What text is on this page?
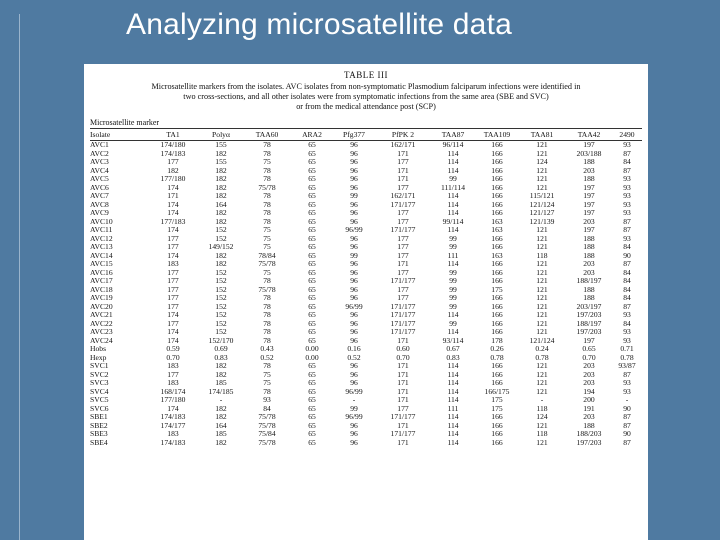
Analyzing microsatellite data
TABLE III

Microsatellite markers from the isolates. AVC isolates from non-symptomatic Plasmodium falciparum infections were identified in

two cross-sections, and all other isolates were from symptomatic infections from the same area (SBE and SVC)

or from the medical attendance post (SCP)

Microsatellite marker
Isolate	TA1	Polyα	TAA60	ARA2	Pfg377	PfPK 2	TAA87	TAA109	TAA81	TAA42	2490
AVC1	174/180	155	78	65	96	162/171	96/114	166	121	197	93
AVC2	174/183	182	78	65	96	171	114	166	121	203/188	87
AVC3	177	155	75	65	96	177	114	166	124	188	84
AVC4	182	182	78	65	96	171	114	166	121	203	87
AVC5	177/180	182	78	65	96	171	99	166	121	188	93
AVC6	174	182	75/78	65	96	177	111/114	166	121	197	93
AVC7	171	182	78	65	99	162/171	114	166	115/121	197	93
AVC8	174	164	78	65	96	171/177	114	166	121/124	197	93
AVC9	174	182	78	65	96	177	114	166	121/127	197	93
AVC10	177/183	182	78	65	96	177	99/114	163	121/139	203	87
AVC11	174	152	75	65	96/99	171/177	114	163	121	197	87
AVC12	177	152	75	65	96	177	99	166	121	188	93
AVC13	177	149/152	75	65	96	177	99	166	121	188	84
AVC14	174	182	78/84	65	99	177	111	163	118	188	90
AVC15	183	182	75/78	65	96	171	114	166	121	203	87
AVC16	177	152	75	65	96	177	99	166	121	203	84
AVC17	177	152	78	65	96	171/177	99	166	121	188/197	84
AVC18	177	152	75/78	65	96	177	99	175	121	188	84
AVC19	177	152	78	65	96	177	99	166	121	188	84
AVC20	177	152	78	65	96/99	171/177	99	166	121	203/197	87
AVC21	174	152	78	65	96	171/177	114	166	121	197/203	93
AVC22	177	152	78	65	96	171/177	99	166	121	188/197	84
AVC23	174	152	78	65	96	171/177	114	166	121	197/203	93
AVC24	174	152/170	78	65	96	171	93/114	178	121/124	197	93
Hobs	0.59	0.69	0.43	0.00	0.16	0.60	0.67	0.26	0.24	0.65	0.71
Hexp	0.70	0.83	0.52	0.00	0.52	0.70	0.83	0.78	0.78	0.70	0.78
SVC1	183	182	78	65	96	171	114	166	121	203	93/87
SVC2	177	182	75	65	96	171	114	166	121	203	87
SVC3	183	185	75	65	96	171	114	166	121	203	93
SVC4	168/174	174/185	78	65	96/99	171	114	166/175	121	194	93
SVC5	177/180	-	93	65	-	171	114	175	-	200	-
SVC6	174	182	84	65	99	177	111	175	118	191	90
SBE1	174/183	182	75/78	65	96/99	171/177	114	166	124	203	87
SBE2	174/177	164	75/78	65	96	171	114	166	121	188	87
SBE3	183	185	75/84	65	96	171/177	114	166	118	188/203	90
SBE4	174/183	182	75/78	65	96	171	114	166	121	197/203	87
